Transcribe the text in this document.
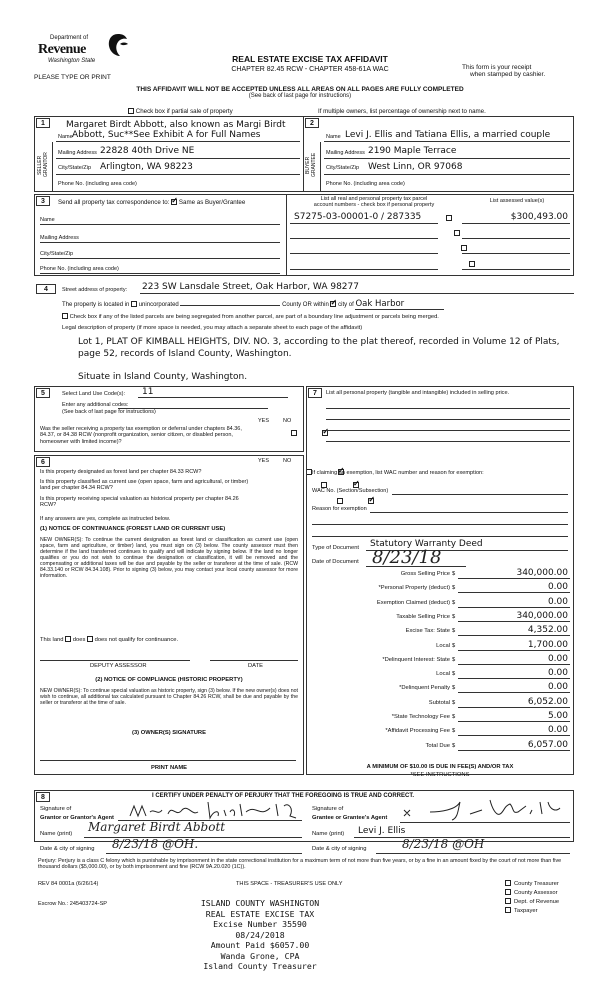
Department of
Revenue
Washington State
PLEASE TYPE OR PRINT
REAL ESTATE EXCISE TAX AFFIDAVIT
CHAPTER 82.45 RCW - CHAPTER 458-61A WAC	This form is your receipt
when stamped by cashier.
THIS AFFIDAVIT WILL NOT BE ACCEPTED UNLESS ALL AREAS ON ALL PAGES ARE FULLY COMPLETED
(See back of last page for instructions)
Check box if partial sale of property	If multiple owners, list percentage of ownership next to name.
1	2
SELLER GRANTOR	BUYER GRANTEE
Margaret Birdt Abbott, also known as Margi Birdt
Name Abbott, Suc**See Exhibit A for Full Names
Mailing Address 22828 40th Drive NE
City/State/Zip Arlington, WA 98223
Phone No. (including area code)
Name Levi J. Ellis and Tatiana Ellis, a married couple
Mailing Address 2190 Maple Terrace
City/State/Zip West Linn, OR 97068
Phone No. (including area code)
3	Send all property tax correspondence to: ✓ Same as Buyer/Grantee
Name
Mailing Address
City/State/Zip
Phone No. (including area code)
List all real and personal property tax parcel
account numbers - check box if personal property
List assessed value(s)
S7275-03-00001-0 / 287335
	$300,493.00

4	Street address of property: 223 SW Lansdale Street, Oak Harbor, WA 98277
The property is located in unincorporated	County OR within ✓ city of Oak Harbor
Check box if any of the listed parcels are being segregated from another parcel, are part of a boundary line adjustment or parcels being merged.
Legal description of property (if more space is needed, you may attach a separate sheet to each page of the affidavit)
Lot 1, PLAT OF KIMBALL HEIGHTS, DIV. NO. 3, according to the plat thereof, recorded in Volume 12 of Plats,
page 52, records of Island County, Washington.
Situate in Island County, Washington.
5	Select Land Use Code(s): 11
Enter any additional codes:
(See back of last page for instructions)
YES	NO
Was the seller receiving a property tax exemption or deferral under chapters 84.36, 84.37, or 84.38 RCW (nonprofit organization, senior citizen, or disabled person, homeowner with limited income)?
✓
6	YES	NO
Is this property designated as forest land per chapter 84.33 RCW?
✓
Is this property classified as current use (open space, farm and agricultural, or timber) land per chapter 84.34 RCW?
✓
Is this property receiving special valuation as historical property per chapter 84.26 RCW?
✓
If any answers are yes, complete as instructed below.
(1) NOTICE OF CONTINUANCE (FOREST LAND OR CURRENT USE)
NEW OWNER(S): To continue the current designation as forest land or classification as current use (open space, farm and agriculture, or timber) land, you must sign on (3) below. The county assessor must then determine if the land transferred continues to qualify and will indicate by signing below. If the land no longer qualifies or you do not wish to continue the designation or classification, it will be removed and the compensating or additional taxes will be due and payable by the seller or transferor at the time of sale. (RCW 84.33.140 or RCW 84.34.108). Prior to signing (3) below, you may contact your local county assessor for more information.
This land does does not qualify for continuance.
DEPUTY ASSESSOR	DATE
(2) NOTICE OF COMPLIANCE (HISTORIC PROPERTY)
NEW OWNER(S): To continue special valuation as historic property, sign (3) below. If the new owner(s) does not wish to continue, all additional tax calculated pursuant to Chapter 84.26 RCW, shall be due and payable by the seller or transferor at the time of sale.
(3) OWNER(S) SIGNATURE
PRINT NAME
7	List all personal property (tangible and intangible) included in selling price.
If claiming an exemption, list WAC number and reason for exemption:
WAC No. (Section/Subsection)
Reason for exemption
Type of Document Statutory Warranty Deed
Date of Document 8/23/18
Gross Selling Price $	340,000.00
*Personal Property (deduct) $	0.00
Exemption Claimed (deduct) $	0.00
Taxable Selling Price $	340,000.00
Excise Tax: State $	4,352.00
Local $	1,700.00
*Delinquent Interest: State $	0.00
Local $	0.00
*Delinquent Penalty $	0.00
Subtotal $	6,052.00
*State Technology Fee $	5.00
*Affidavit Processing Fee $	0.00
Total Due $	6,057.00
A MINIMUM OF $10.00 IS DUE IN FEE(S) AND/OR TAX
*SEE INSTRUCTIONS
8	I CERTIFY UNDER PENALTY OF PERJURY THAT THE FOREGOING IS TRUE AND CORRECT.
Signature of
Grantor or Grantor's Agent
Name (print) Margaret Birdt Abbott
Signature of
Grantee or Grantee's Agent
Name (print) Levi J. Ellis
Date & city of signing 8/23/18 @OH.	Date & city of signing	8/23/18 @OH
Perjury: Perjury is a class C felony which is punishable by imprisonment in the state correctional institution for a maximum term of not more than five years, or by a fine in an amount fixed by the court of not more than five thousand dollars ($5,000.00), or by both imprisonment and fine (RCW 9A.20.020 (1C)).
REV 84 0001a (6/26/14)	THIS SPACE - TREASURER'S USE ONLY
Escrow No.: 245403724-SP	ISLAND COUNTY WASHINGTON
REAL ESTATE EXCISE TAX
Excise Number 35590
08/24/2018
Amount Paid $6057.00
Wanda Grone, CPA
Island County Treasurer
County Treasurer
County Assessor
Dept. of Revenue
Taxpayer
